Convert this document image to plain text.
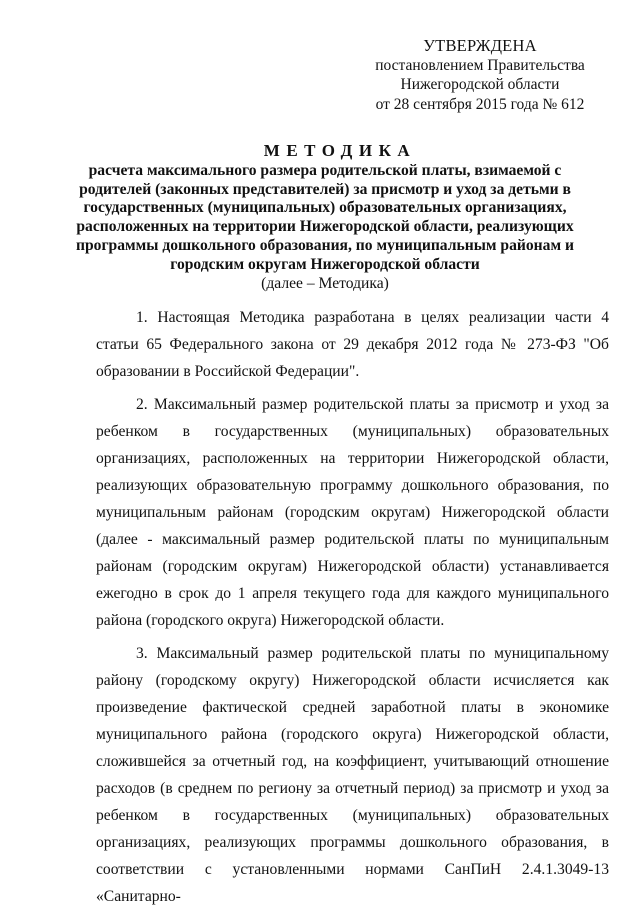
УТВЕРЖДЕНА
постановлением Правительства
Нижегородской области
от 28 сентября 2015 года № 612
МЕТОДИКА
расчета максимального размера родительской платы, взимаемой с
родителей (законных представителей) за присмотр и уход за детьми в
государственных (муниципальных) образовательных организациях,
расположенных на территории Нижегородской области, реализующих
программы дошкольного образования, по муниципальным районам и
городским округам Нижегородской области
(далее – Методика)

1. Настоящая Методика разработана в целях реализации части 4 статьи 65 Федерального закона от 29 декабря 2012 года № 273-ФЗ "Об образовании в Российской Федерации".

2. Максимальный размер родительской платы за присмотр и уход за ребенком в государственных (муниципальных) образовательных организациях, расположенных на территории Нижегородской области, реализующих образовательную программу дошкольного образования, по муниципальным районам (городским округам) Нижегородской области (далее - максимальный размер родительской платы по муниципальным районам (городским округам) Нижегородской области) устанавливается ежегодно в срок до 1 апреля текущего года для каждого муниципального района (городского округа) Нижегородской области.

3. Максимальный размер родительской платы по муниципальному району (городскому округу) Нижегородской области исчисляется как произведение фактической средней заработной платы в экономике муниципального района (городского округа) Нижегородской области, сложившейся за отчетный год, на коэффициент, учитывающий отношение расходов (в среднем по региону за отчетный период) за присмотр и уход за ребенком в государственных (муниципальных) образовательных организациях, реализующих программы дошкольного образования, в соответствии с установленными нормами СанПиН 2.4.1.3049-13 «Санитарно-
